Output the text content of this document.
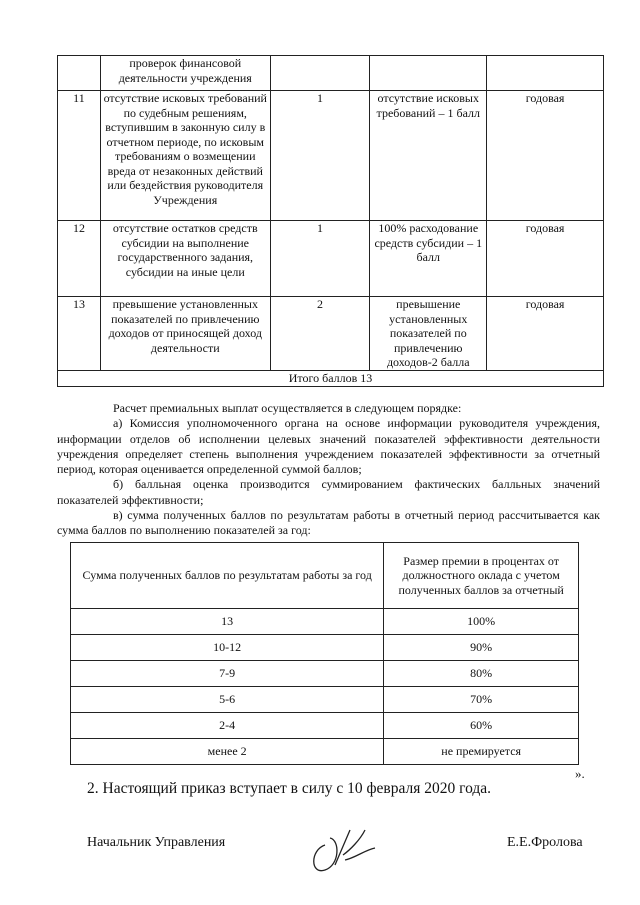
	проверок финансовой деятельности учреждения			
11	отсутствие исковых требований по судебным решениям, вступившим в законную силу в отчетном периоде, по исковым требованиям о возмещении вреда от незаконных действий или бездействия руководителя Учреждения	1	отсутствие исковых требований – 1 балл	годовая
12	отсутствие остатков средств субсидии на выполнение государственного задания, субсидии на иные цели	1	100% расходование средств субсидии – 1 балл	годовая
13	превышение установленных показателей по привлечению доходов от приносящей доход деятельности	2	превышение установленных показателей по привлечению доходов-2 балла	годовая
Итого баллов 13				
Расчет премиальных выплат осуществляется в следующем порядке:
а) Комиссия уполномоченного органа на основе информации руководителя учреждения, информации отделов об исполнении целевых значений показателей эффективности деятельности учреждения определяет степень выполнения учреждением показателей эффективности за отчетный период, которая оценивается определенной суммой баллов;
б) балльная оценка производится суммированием фактических балльных значений показателей эффективности;
в) сумма полученных баллов по результатам работы в отчетный период рассчитывается как сумма баллов по выполнению показателей за год:
Сумма полученных баллов по результатам работы за год	Размер премии в процентах от должностного оклада с учетом полученных баллов за отчетный
13	100%
10-12	90%
7-9	80%
5-6	70%
2-4	60%
менее 2	не премируется
».
2. Настоящий приказ вступает в силу с 10 февраля 2020 года.
Начальник Управления	Е.Е.Фролова
